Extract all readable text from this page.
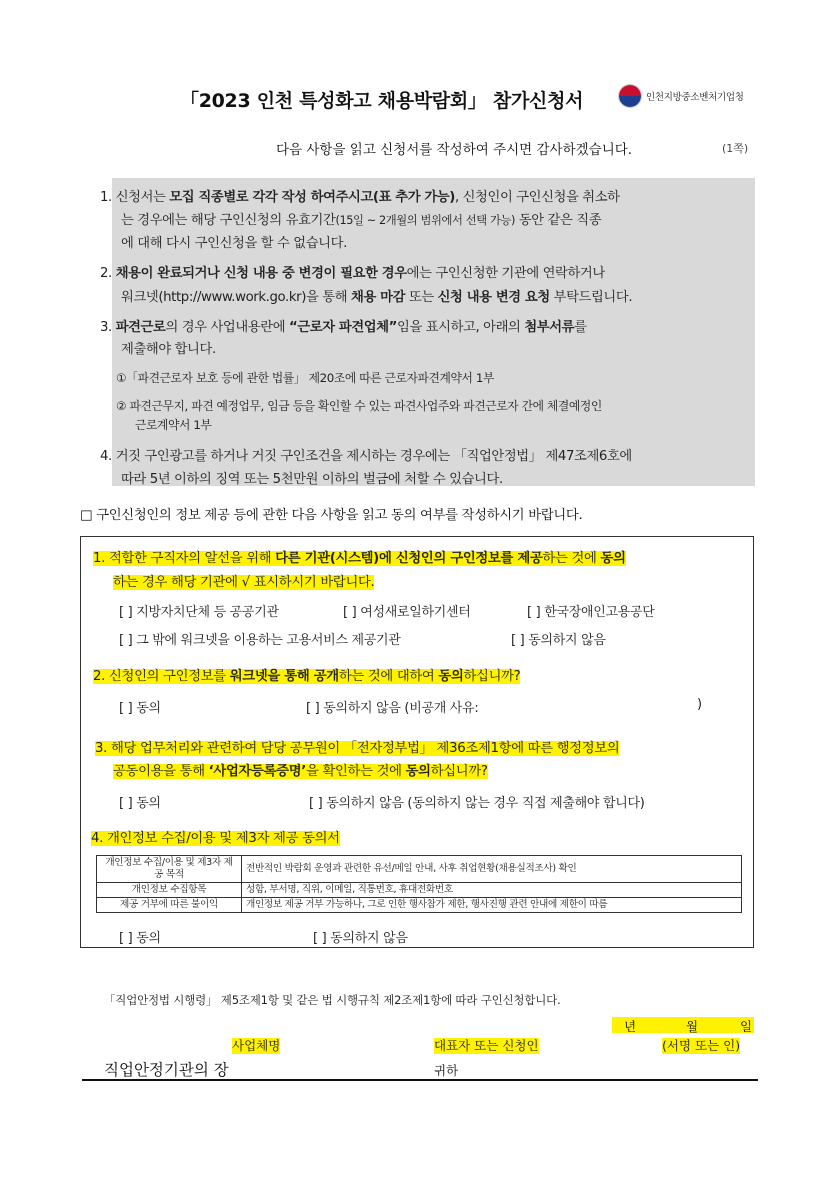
「2023 인천 특성화고 채용박람회」 참가신청서	인천지방중소벤처기업청
다음 사항을 읽고 신청서를 작성하여 주시면 감사하겠습니다.	(1쪽)
1. 신청서는 모집 직종별로 각각 작성 하여주시고(표 추가 가능), 신청인이 구인신청을 취소하
는 경우에는 해당 구인신청의 유효기간(15일 ~ 2개월의 범위에서 선택 가능) 동안 같은 직종
에 대해 다시 구인신청을 할 수 없습니다.
2. 채용이 완료되거나 신청 내용 중 변경이 필요한 경우에는 구인신청한 기관에 연락하거나
워크넷(http://www.work.go.kr)을 통해 채용 마감 또는 신청 내용 변경 요청 부탁드립니다.
3. 파견근로의 경우 사업내용란에 “근로자 파견업체”임을 표시하고, 아래의 첨부서류를
제출해야 합니다.
①「파견근로자 보호 등에 관한 법률」 제20조에 따른 근로자파견계약서 1부
② 파견근무지, 파견 예정업무, 임금 등을 확인할 수 있는 파견사업주와 파견근로자 간에 체결예정인
근로계약서 1부
4. 거짓 구인광고를 하거나 거짓 구인조건을 제시하는 경우에는 「직업안정법」 제47조제6호에
따라 5년 이하의 징역 또는 5천만원 이하의 벌금에 처할 수 있습니다.
□ 구인신청인의 정보 제공 등에 관한 다음 사항을 읽고 동의 여부를 작성하시기 바랍니다.
1. 적합한 구직자의 알선을 위해 다른 기관(시스템)에 신청인의 구인정보를 제공하는 것에 동의
하는 경우 해당 기관에 √ 표시하시기 바랍니다.
[ ] 지방자치단체 등 공공기관	[ ] 여성새로일하기센터	[ ] 한국장애인고용공단
[ ] 그 밖에 워크넷을 이용하는 고용서비스 제공기관	[ ] 동의하지 않음
2. 신청인의 구인정보를 워크넷을 통해 공개하는 것에 대하여 동의하십니까?
[ ] 동의	[ ] 동의하지 않음 (비공개 사유:	)
3. 해당 업무처리와 관련하여 담당 공무원이 「전자정부법」 제36조제1항에 따른 행정정보의
공동이용을 통해 ‘사업자등록증명’을 확인하는 것에 동의하십니까?
[ ] 동의	[ ] 동의하지 않음 (동의하지 않는 경우 직접 제출해야 합니다)
4. 개인정보 수집/이용 및 제3자 제공 동의서
[ ] 동의	[ ] 동의하지 않음
개인정보 수집/이용 및 제3자 제공 목적	전반적인 박람회 운영과 관련한 유선/메일 안내, 사후 취업현황(채용실적조사) 확인
개인정보 수집항목	성함, 부서명, 직위, 이메일, 직통번호, 휴대전화번호
제공 거부에 따른 불이익	개인정보 제공 거부 가능하나, 그로 인한 행사참가 제한, 행사진행 관련 안내에 제한이 따름
「직업안정법 시행령」 제5조제1항 및 같은 법 시행규칙 제2조제1항에 따라 구인신청합니다.
년	월	일
사업체명	대표자 또는 신청인	(서명 또는 인)
직업안정기관의 장	귀하
